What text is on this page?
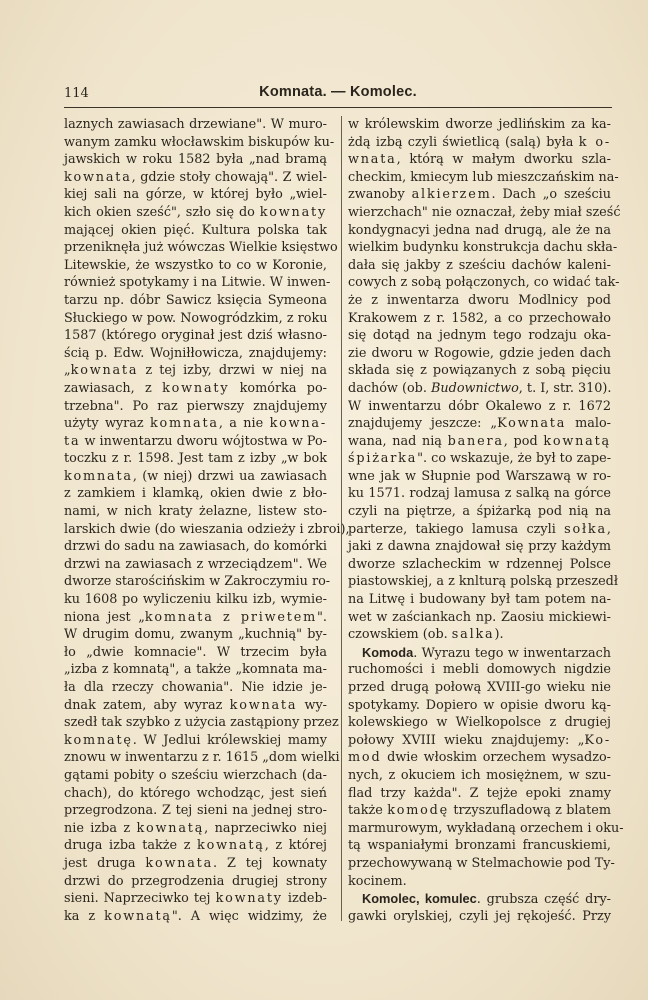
114	Komnata. — Komolec.
laznych zawiasach drzewiane". W muro-
wanym zamku włocławskim biskupów ku-
jawskich w roku 1582 była „nad bramą
kownata, gdzie stoły chowają". Z wiel-
kiej sali na górze, w której było „wiel-
kich okien sześć", szło się do kownaty
mającej okien pięć. Kultura polska tak
przeniknęła już wówczas Wielkie księstwo
Litewskie, że wszystko to co w Koronie,
również spotykamy i na Litwie. W inwen-
tarzu np. dóbr Sawicz księcia Symeona
Słuckiego w pow. Nowogródzkim, z roku
1587 (którego oryginał jest dziś własno-
ścią p. Edw. Wojniłłowicza, znajdujemy:
„kownata z tej izby, drzwi w niej na
zawiasach, z kownaty komórka po-
trzebna". Po raz pierwszy znajdujemy
użyty wyraz komnata, a nie kowna-
ta w inwentarzu dworu wójtostwa w Po-
toczku z r. 1598. Jest tam z izby „w bok
komnata, (w niej) drzwi ua zawiasach
z zamkiem i klamką, okien dwie z bło-
nami, w nich kraty żelazne, listew sto-
larskich dwie (do wieszania odzieży i zbroi),
drzwi do sadu na zawiasach, do komórki
drzwi na zawiasach z wrzeciądzem". We
dworze starościńskim w Zakroczymiu ro-
ku 1608 po wyliczeniu kilku izb, wymie-
niona jest „komnata z priwetem".
W drugim domu, zwanym „kuchnią" by-
ło „dwie komnacie". W trzecim była
„izba z komnatą", a także „komnata ma-
ła dla rzeczy chowania". Nie idzie je-
dnak zatem, aby wyraz kownata wy-
szedł tak szybko z użycia zastąpiony przez
komnatę. W Jedlui królewskiej mamy
znowu w inwentarzu z r. 1615 „dom wielki
gątami pobity o sześciu wierzchach (da-
chach), do którego wchodząc, jest sień
przegrodzona. Z tej sieni na jednej stro-
nie izba z kownatą, naprzeciwko niej
druga izba także z kownatą, z której
jest druga kownata. Z tej kownaty
drzwi do przegrodzenia drugiej strony
sieni. Naprzeciwko tej kownaty izdeb-
ka z kownatą". A więc widzimy, że
w królewskim dworze jedlińskim za ka-
żdą izbą czyli świetlicą (salą) była k o-
wnata, którą w małym dworku szla-
checkim, kmiecym lub mieszczańskim na-
zwanoby alkierzem. Dach „o sześciu
wierzchach" nie oznaczał, żeby miał sześć
kondygnacyi jedna nad drugą, ale że na
wielkim budynku konstrukcja dachu skła-
dała się jakby z sześciu dachów kaleni-
cowych z sobą połączonych, co widać tak-
że z inwentarza dworu Modlnicy pod
Krakowem z r. 1582, a co przechowało
się dotąd na jednym tego rodzaju oka-
zie dworu w Rogowie, gdzie jeden dach
składa się z powiązanych z sobą pięciu
dachów (ob. Budownictwo, t. I, str. 310).
W inwentarzu dóbr Okalewo z r. 1672
znajdujemy jeszcze: „Kownata malo-
wana, nad nią banera, pod kownatą
śpiżarka". co wskazuje, że był to zape-
wne jak w Słupnie pod Warszawą w ro-
ku 1571. rodzaj lamusa z salką na górce
czyli na piętrze, a śpiżarką pod nią na
parterze, takiego lamusa czyli sołka,
jaki z dawna znajdował się przy każdym
dworze szlacheckim w rdzennej Polsce
piastowskiej, a z knlturą polską przeszedł
na Litwę i budowany był tam potem na-
wet w zaściankach np. Zaosiu mickiewi-
czowskiem (ob. salka).
Komoda. Wyrazu tego w inwentarzach
ruchomości i mebli domowych nigdzie
przed drugą połową XVIII-go wieku nie
spotykamy. Dopiero w opisie dworu ką-
kolewskiego w Wielkopolsce z drugiej
połowy XVIII wieku znajdujemy: „Ko-
mod dwie włoskim orzechem wysadzo-
nych, z okuciem ich mosiężnem, w szu-
flad trzy każda". Z tejże epoki znamy
także komodę trzyszufladową z blatem
marmurowym, wykładaną orzechem i oku-
tą wspaniałymi bronzami francuskiemi,
przechowywaną w Stelmachowie pod Ty-
kocinem.
Komolec, komulec. grubsza część dry-
gawki orylskiej, czyli jej rękojeść. Przy
